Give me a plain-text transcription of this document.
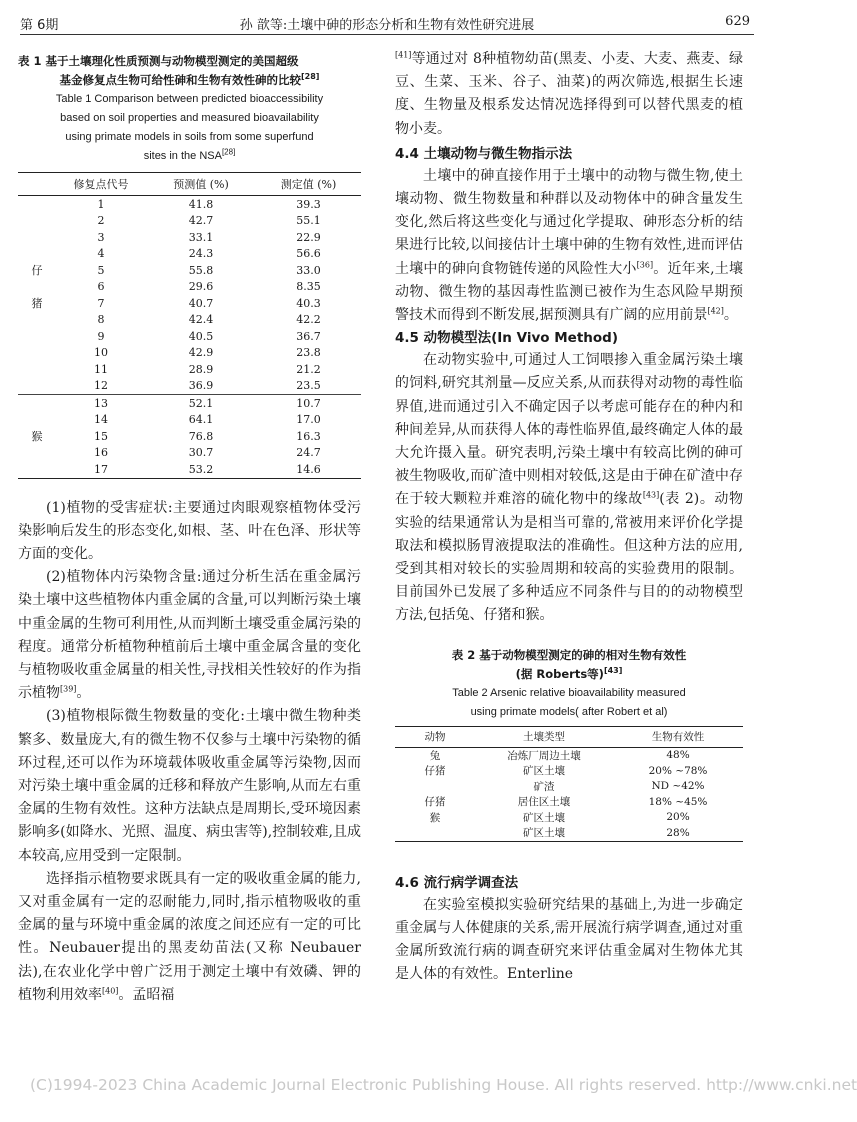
第 6期	孙 歆等:土壤中砷的形态分析和生物有效性研究进展	629
表 1 基于土壤理化性质预测与动物模型测定的美国超级
基金修复点生物可给性砷和生物有效性砷的比较[28]
Table 1 Comparison between predicted bioaccessibility
based on soil properties and measured bioavailability
using primate models in soils from some superfund
sites in the NSA[28]
	修复点代号	预测值 (%)	测定值 (%)
	1	41.8	39.3
	2	42.7	55.1
	3	33.1	22.9
	4	24.3	56.6
仔	5	55.8	33.0
	6	29.6	8.35
猪	7	40.7	40.3
	8	42.4	42.2
	9	40.5	36.7
	10	42.9	23.8
	11	28.9	21.2
	12	36.9	23.5
	13	52.1	10.7
	14	64.1	17.0
猴	15	76.8	16.3
	16	30.7	24.7
	17	53.2	14.6

(1)植物的受害症状:主要通过肉眼观察植物体受污染影响后发生的形态变化,如根、茎、叶在色泽、形状等方面的变化。

(2)植物体内污染物含量:通过分析生活在重金属污染土壤中这些植物体内重金属的含量,可以判断污染土壤中重金属的生物可利用性,从而判断土壤受重金属污染的程度。通常分析植物种植前后土壤中重金属含量的变化与植物吸收重金属量的相关性,寻找相关性较好的作为指示植物[39]。

(3)植物根际微生物数量的变化:土壤中微生物种类繁多、数量庞大,有的微生物不仅参与土壤中污染物的循环过程,还可以作为环境载体吸收重金属等污染物,因而对污染土壤中重金属的迁移和释放产生影响,从而左右重金属的生物有效性。这种方法缺点是周期长,受环境因素影响多(如降水、光照、温度、病虫害等),控制较难,且成本较高,应用受到一定限制。

选择指示植物要求既具有一定的吸收重金属的能力,又对重金属有一定的忍耐能力,同时,指示植物吸收的重金属的量与环境中重金属的浓度之间还应有一定的可比性。Neubauer提出的黑麦幼苗法(又称 Neubauer法),在农业化学中曾广泛用于测定土壤中有效磷、钾的植物利用效率[40]。孟昭福

[41]等通过对 8种植物幼苗(黑麦、小麦、大麦、燕麦、绿豆、生菜、玉米、谷子、油菜)的两次筛选,根据生长速度、生物量及根系发达情况选择得到可以替代黑麦的植物小麦。

4.4 土壤动物与微生物指示法

土壤中的砷直接作用于土壤中的动物与微生物,使土壤动物、微生物数量和种群以及动物体中的砷含量发生变化,然后将这些变化与通过化学提取、砷形态分析的结果进行比较,以间接估计土壤中砷的生物有效性,进而评估土壤中的砷向食物链传递的风险性大小[36]。近年来,土壤动物、微生物的基因毒性监测已被作为生态风险早期预警技术而得到不断发展,据预测具有广阔的应用前景[42]。

4.5 动物模型法(In Vivo Method)

在动物实验中,可通过人工饲喂掺入重金属污染土壤的饲料,研究其剂量—反应关系,从而获得对动物的毒性临界值,进而通过引入不确定因子以考虑可能存在的种内和种间差异,从而获得人体的毒性临界值,最终确定人体的最大允许摄入量。研究表明,污染土壤中有较高比例的砷可被生物吸收,而矿渣中则相对较低,这是由于砷在矿渣中存在于较大颗粒并难溶的硫化物中的缘故[43](表 2)。动物实验的结果通常认为是相当可靠的,常被用来评价化学提取法和模拟肠胃液提取法的准确性。但这种方法的应用,受到其相对较长的实验周期和较高的实验费用的限制。目前国外已发展了多种适应不同条件与目的的动物模型方法,包括兔、仔猪和猴。

表 2 基于动物模型测定的砷的相对生物有效性
(据 Roberts等)[43]
Table 2 Arsenic relative bioavailability measured
using primate models( after Robert et al)
动物	土壤类型	生物有效性
兔	冶炼厂周边土壤	48%
仔猪	矿区土壤	20% ~78%
	矿渣	ND ~42%
仔猪	居住区土壤	18% ~45%
猴	矿区土壤	20%
	矿区土壤	28%
4.6 流行病学调查法

在实验室模拟实验研究结果的基础上,为进一步确定重金属与人体健康的关系,需开展流行病学调查,通过对重金属所致流行病的调查研究来评估重金属对生物体尤其是人体的有效性。Enterline

(C)1994-2023 China Academic Journal Electronic Publishing House. All rights reserved. http://www.cnki.net
